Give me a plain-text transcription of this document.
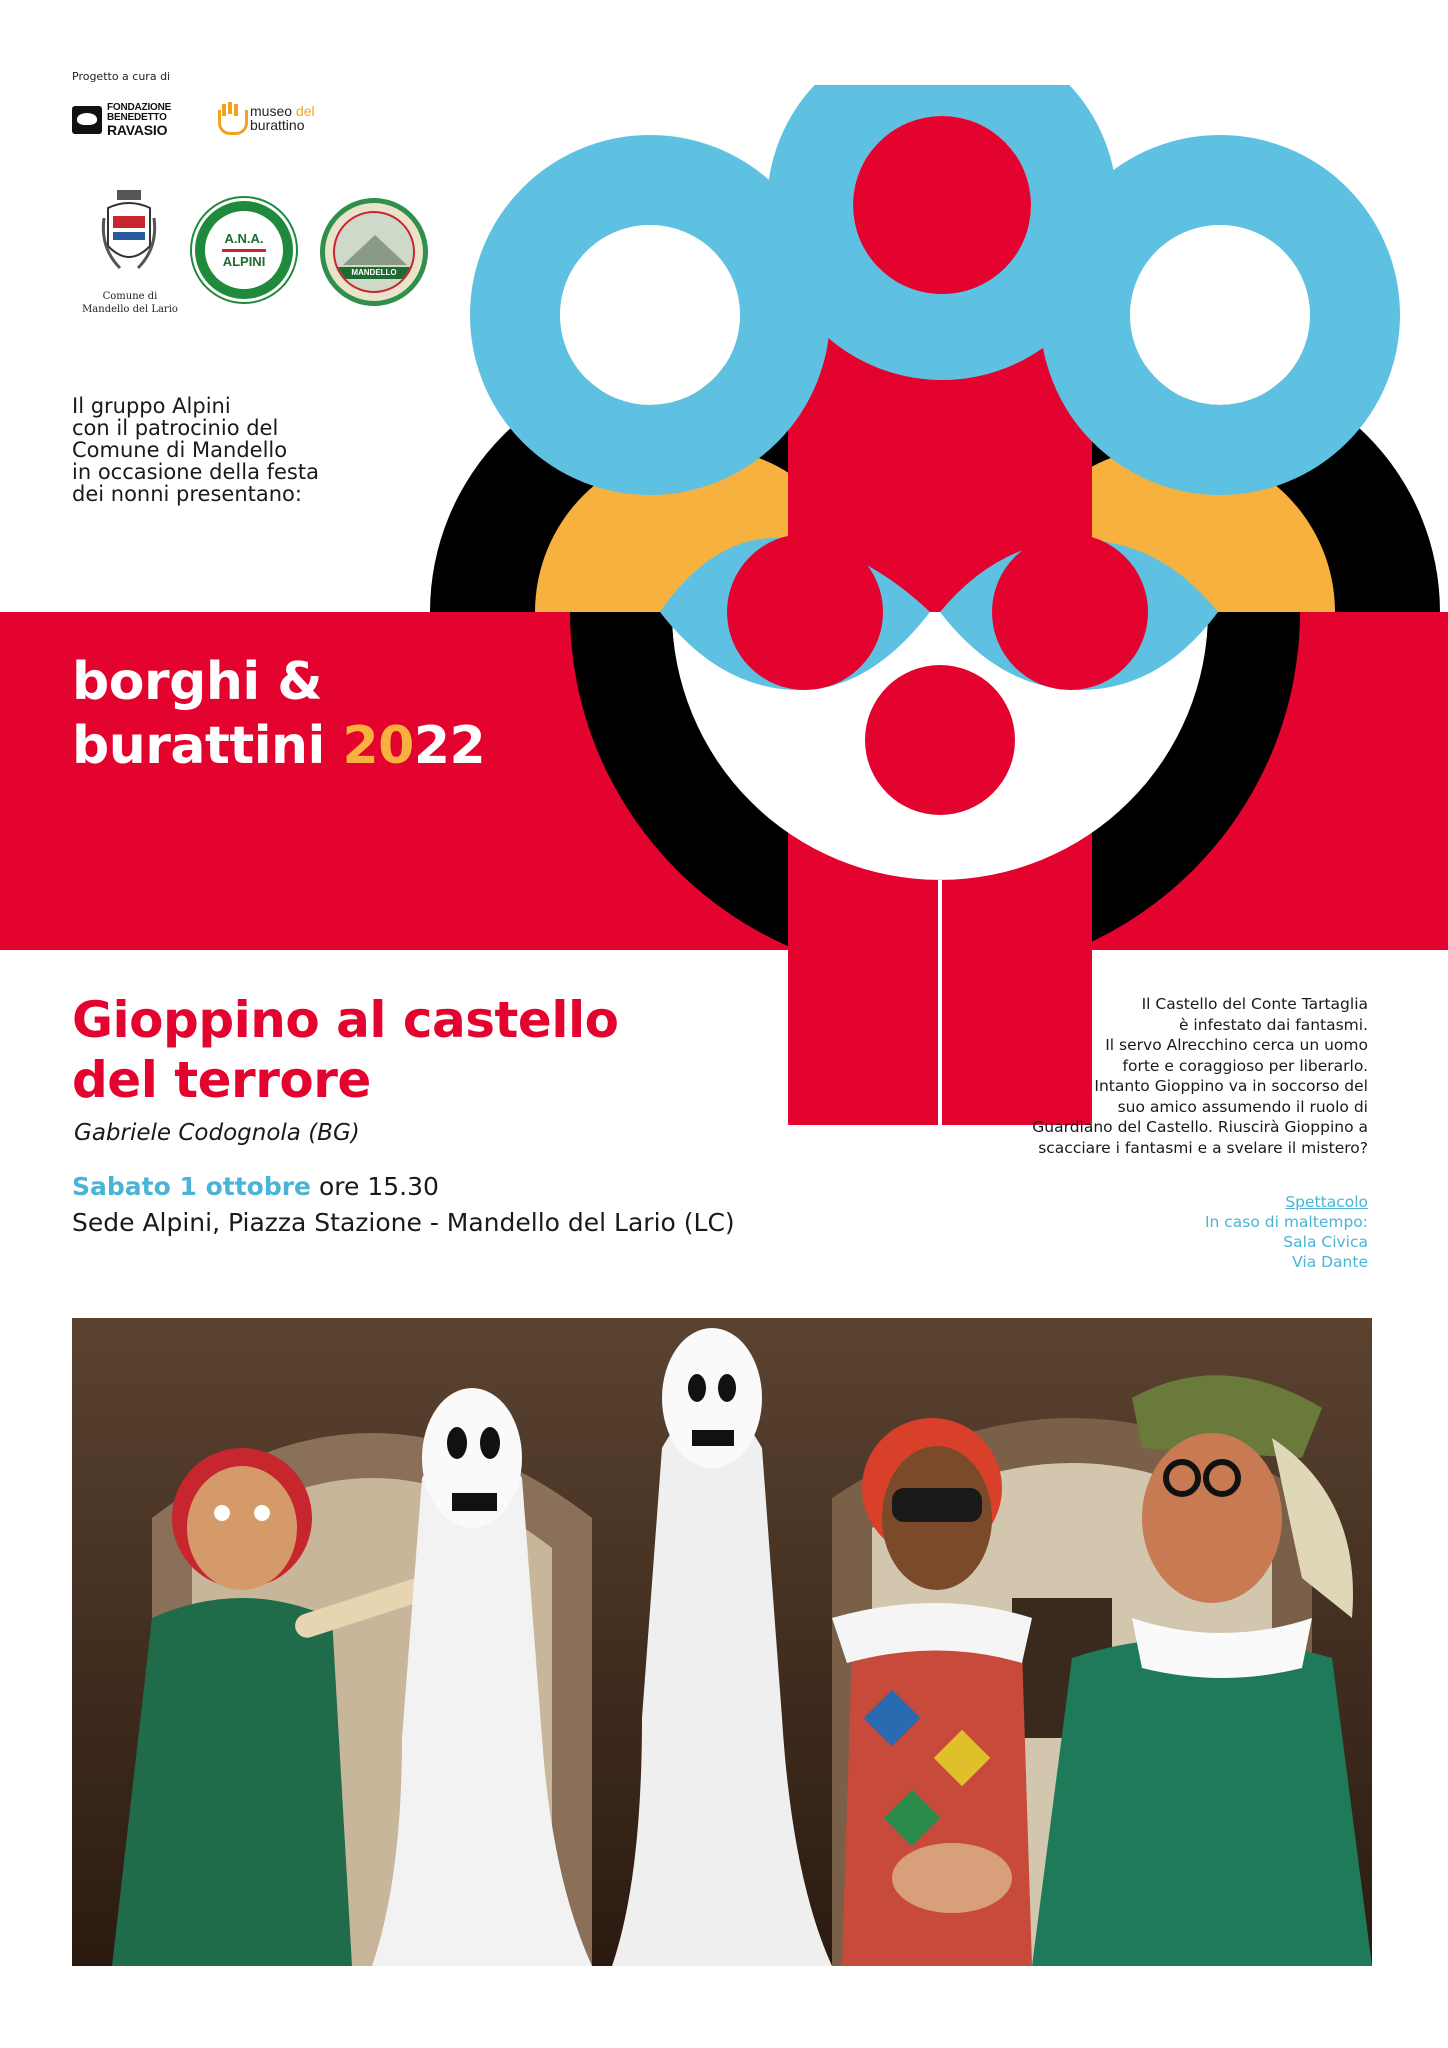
Progetto a cura di
FONDAZIONE
BENEDETTO
RAVASIO
museo del
burattino
Comune di
Mandello del Lario
A.N.A.
ALPINI
MANDELLO
Il gruppo Alpini
con il patrocinio del
Comune di Mandello
in occasione della festa
dei nonni presentano:
borghi &
burattini 2022
Gioppino al castello
del terrore
Gabriele Codognola (BG)
Sabato 1 ottobre ore 15.30
Sede Alpini, Piazza Stazione - Mandello del Lario (LC)
Il Castello del Conte Tartaglia
è infestato dai fantasmi.
Il servo Alrecchino cerca un uomo
forte e coraggioso per liberarlo.
Intanto Gioppino va in soccorso del
suo amico assumendo il ruolo di
Guardiano del Castello. Riuscirà Gioppino a
scacciare i fantasmi e a svelare il mistero?
Spettacolo
In caso di maltempo:
Sala Civica
Via Dante
